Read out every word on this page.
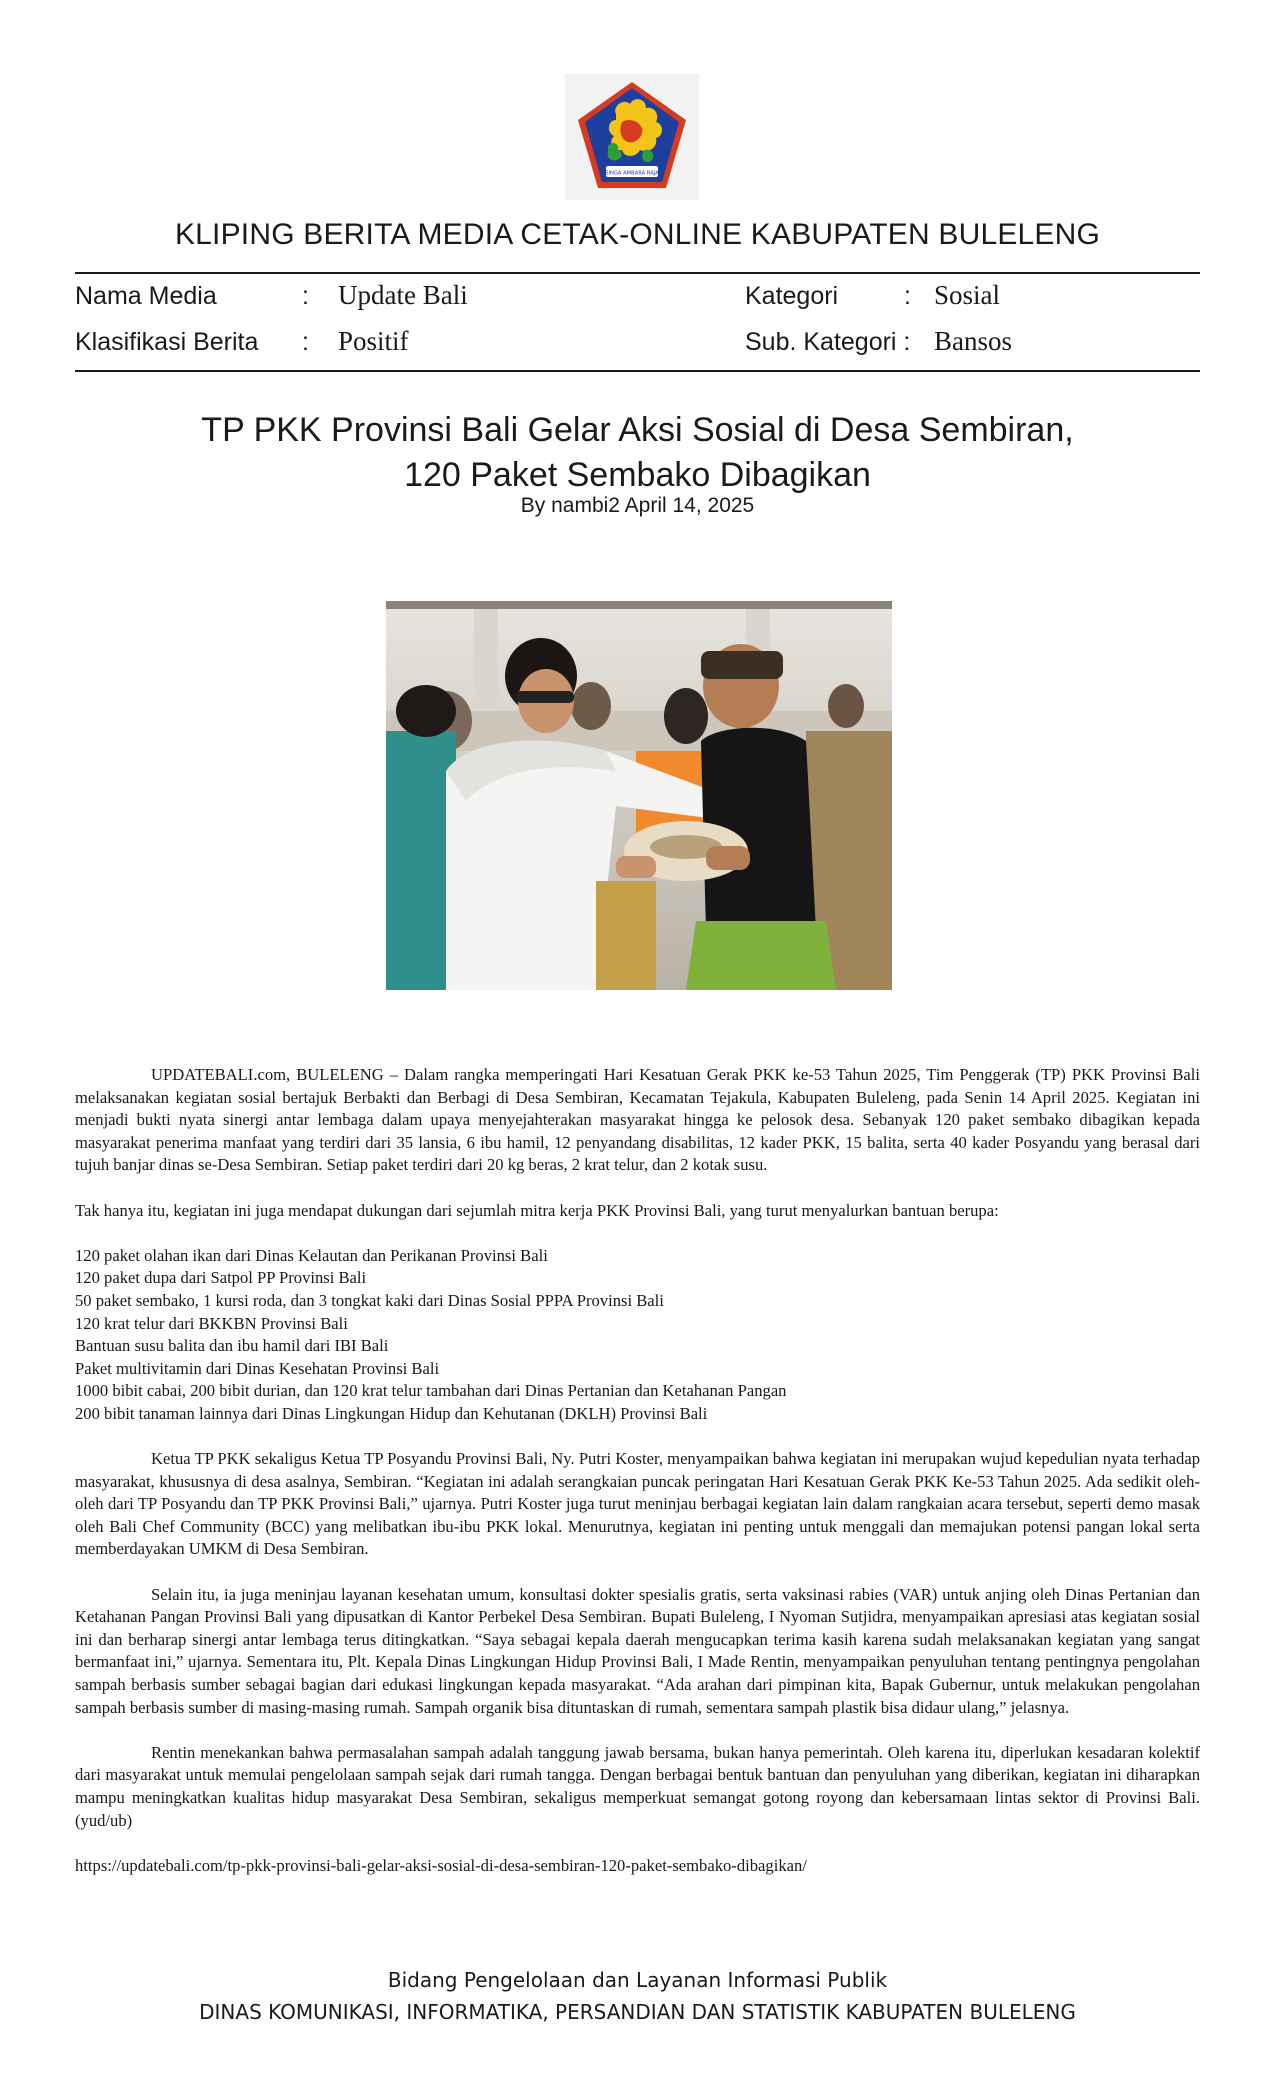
SINGA AMBARA RAJA
KLIPING BERITA MEDIA CETAK-ONLINE KABUPATEN BULELENG
Nama Media	: Update Bali	Kategori	: Sosial
Klasifikasi Berita : Positif	Sub. Kategori : Bansos
TP PKK Provinsi Bali Gelar Aksi Sosial di Desa Sembiran,
120 Paket Sembako Dibagikan
By nambi2 April 14, 2025

UPDATEBALI.com, BULELENG – Dalam rangka memperingati Hari Kesatuan Gerak PKK ke-53 Tahun 2025, Tim Penggerak (TP) PKK Provinsi Bali melaksanakan kegiatan sosial bertajuk Berbakti dan Berbagi di Desa Sembiran, Kecamatan Tejakula, Kabupaten Buleleng, pada Senin 14 April 2025. Kegiatan ini menjadi bukti nyata sinergi antar lembaga dalam upaya menyejahterakan masyarakat hingga ke pelosok desa. Sebanyak 120 paket sembako dibagikan kepada masyarakat penerima manfaat yang terdiri dari 35 lansia, 6 ibu hamil, 12 penyandang disabilitas, 12 kader PKK, 15 balita, serta 40 kader Posyandu yang berasal dari tujuh banjar dinas se-Desa Sembiran. Setiap paket terdiri dari 20 kg beras, 2 krat telur, dan 2 kotak susu.

Tak hanya itu, kegiatan ini juga mendapat dukungan dari sejumlah mitra kerja PKK Provinsi Bali, yang turut menyalurkan bantuan berupa:

120 paket olahan ikan dari Dinas Kelautan dan Perikanan Provinsi Bali
120 paket dupa dari Satpol PP Provinsi Bali
50 paket sembako, 1 kursi roda, dan 3 tongkat kaki dari Dinas Sosial PPPA Provinsi Bali
120 krat telur dari BKKBN Provinsi Bali
Bantuan susu balita dan ibu hamil dari IBI Bali
Paket multivitamin dari Dinas Kesehatan Provinsi Bali
1000 bibit cabai, 200 bibit durian, dan 120 krat telur tambahan dari Dinas Pertanian dan Ketahanan Pangan
200 bibit tanaman lainnya dari Dinas Lingkungan Hidup dan Kehutanan (DKLH) Provinsi Bali

Ketua TP PKK sekaligus Ketua TP Posyandu Provinsi Bali, Ny. Putri Koster, menyampaikan bahwa kegiatan ini merupakan wujud kepedulian nyata terhadap masyarakat, khususnya di desa asalnya, Sembiran. “Kegiatan ini adalah serangkaian puncak peringatan Hari Kesatuan Gerak PKK Ke-53 Tahun 2025. Ada sedikit oleh-oleh dari TP Posyandu dan TP PKK Provinsi Bali,” ujarnya. Putri Koster juga turut meninjau berbagai kegiatan lain dalam rangkaian acara tersebut, seperti demo masak oleh Bali Chef Community (BCC) yang melibatkan ibu-ibu PKK lokal. Menurutnya, kegiatan ini penting untuk menggali dan memajukan potensi pangan lokal serta memberdayakan UMKM di Desa Sembiran.

Selain itu, ia juga meninjau layanan kesehatan umum, konsultasi dokter spesialis gratis, serta vaksinasi rabies (VAR) untuk anjing oleh Dinas Pertanian dan Ketahanan Pangan Provinsi Bali yang dipusatkan di Kantor Perbekel Desa Sembiran. Bupati Buleleng, I Nyoman Sutjidra, menyampaikan apresiasi atas kegiatan sosial ini dan berharap sinergi antar lembaga terus ditingkatkan. “Saya sebagai kepala daerah mengucapkan terima kasih karena sudah melaksanakan kegiatan yang sangat bermanfaat ini,” ujarnya. Sementara itu, Plt. Kepala Dinas Lingkungan Hidup Provinsi Bali, I Made Rentin, menyampaikan penyuluhan tentang pentingnya pengolahan sampah berbasis sumber sebagai bagian dari edukasi lingkungan kepada masyarakat. “Ada arahan dari pimpinan kita, Bapak Gubernur, untuk melakukan pengolahan sampah berbasis sumber di masing-masing rumah. Sampah organik bisa dituntaskan di rumah, sementara sampah plastik bisa didaur ulang,” jelasnya.

Rentin menekankan bahwa permasalahan sampah adalah tanggung jawab bersama, bukan hanya pemerintah. Oleh karena itu, diperlukan kesadaran kolektif dari masyarakat untuk memulai pengelolaan sampah sejak dari rumah tangga. Dengan berbagai bentuk bantuan dan penyuluhan yang diberikan, kegiatan ini diharapkan mampu meningkatkan kualitas hidup masyarakat Desa Sembiran, sekaligus memperkuat semangat gotong royong dan kebersamaan lintas sektor di Provinsi Bali.(yud/ub)

https://updatebali.com/tp-pkk-provinsi-bali-gelar-aksi-sosial-di-desa-sembiran-120-paket-sembako-dibagikan/

Bidang Pengelolaan dan Layanan Informasi Publik
DINAS KOMUNIKASI, INFORMATIKA, PERSANDIAN DAN STATISTIK KABUPATEN BULELENG
